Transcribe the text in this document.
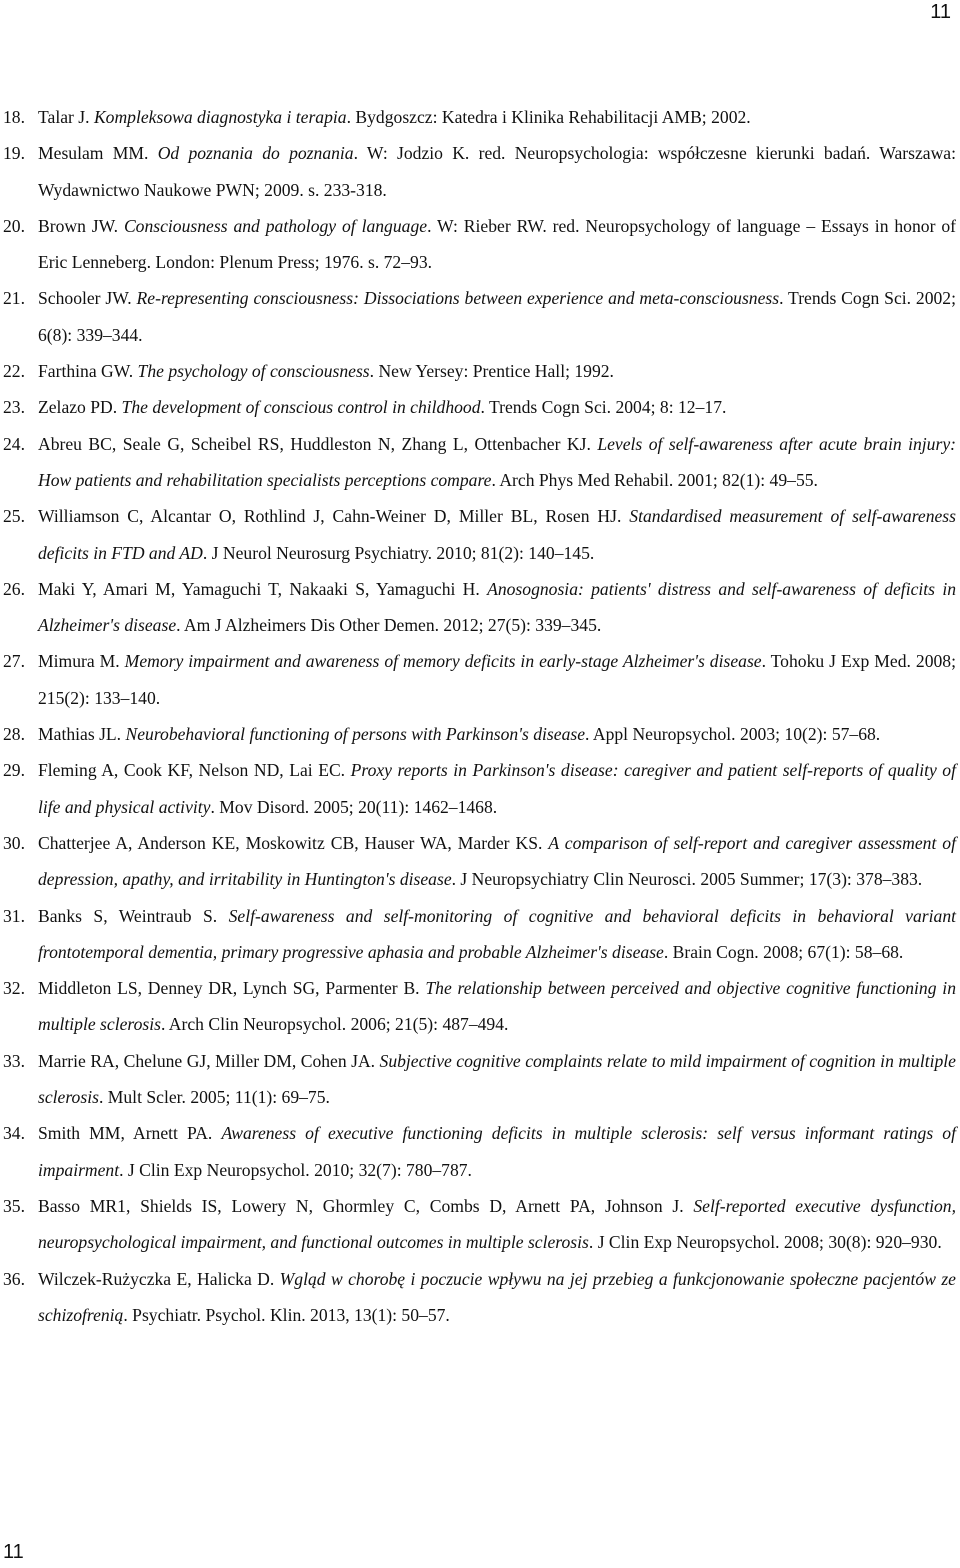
11
18. Talar J. Kompleksowa diagnostyka i terapia. Bydgoszcz: Katedra i Klinika Rehabilitacji AMB; 2002.
19. Mesulam MM. Od poznania do poznania. W: Jodzio K. red. Neuropsychologia: współczesne kierunki badań. Warszawa: Wydawnictwo Naukowe PWN; 2009. s. 233-318.
20. Brown JW. Consciousness and pathology of language. W: Rieber RW. red. Neuropsychology of language – Essays in honor of Eric Lenneberg. London: Plenum Press; 1976. s. 72–93.
21. Schooler JW. Re-representing consciousness: Dissociations between experience and meta-consciousness. Trends Cogn Sci. 2002; 6(8): 339–344.
22. Farthina GW. The psychology of consciousness. New Yersey: Prentice Hall; 1992.
23. Zelazo PD. The development of conscious control in childhood. Trends Cogn Sci. 2004; 8: 12–17.
24. Abreu BC, Seale G, Scheibel RS, Huddleston N, Zhang L, Ottenbacher KJ. Levels of self-awareness after acute brain injury: How patients and rehabilitation specialists perceptions compare. Arch Phys Med Rehabil. 2001; 82(1): 49–55.
25. Williamson C, Alcantar O, Rothlind J, Cahn-Weiner D, Miller BL, Rosen HJ. Standardised measurement of self-awareness deficits in FTD and AD. J Neurol Neurosurg Psychiatry. 2010; 81(2): 140–145.
26. Maki Y, Amari M, Yamaguchi T, Nakaaki S, Yamaguchi H. Anosognosia: patients' distress and self-awareness of deficits in Alzheimer's disease. Am J Alzheimers Dis Other Demen. 2012; 27(5): 339–345.
27. Mimura M. Memory impairment and awareness of memory deficits in early-stage Alzheimer's disease. Tohoku J Exp Med. 2008; 215(2): 133–140.
28. Mathias JL. Neurobehavioral functioning of persons with Parkinson's disease. Appl Neuropsychol. 2003; 10(2): 57–68.
29. Fleming A, Cook KF, Nelson ND, Lai EC. Proxy reports in Parkinson's disease: caregiver and patient self-reports of quality of life and physical activity. Mov Disord. 2005; 20(11): 1462–1468.
30. Chatterjee A, Anderson KE, Moskowitz CB, Hauser WA, Marder KS. A comparison of self-report and caregiver assessment of depression, apathy, and irritability in Huntington's disease. J Neuropsychiatry Clin Neurosci. 2005 Summer; 17(3): 378–383.
31. Banks S, Weintraub S. Self-awareness and self-monitoring of cognitive and behavioral deficits in behavioral variant frontotemporal dementia, primary progressive aphasia and probable Alzheimer's disease. Brain Cogn. 2008; 67(1): 58–68.
32. Middleton LS, Denney DR, Lynch SG, Parmenter B. The relationship between perceived and objective cognitive functioning in multiple sclerosis. Arch Clin Neuropsychol. 2006; 21(5): 487–494.
33. Marrie RA, Chelune GJ, Miller DM, Cohen JA. Subjective cognitive complaints relate to mild impairment of cognition in multiple sclerosis. Mult Scler. 2005; 11(1): 69–75.
34. Smith MM, Arnett PA. Awareness of executive functioning deficits in multiple sclerosis: self versus informant ratings of impairment. J Clin Exp Neuropsychol. 2010; 32(7): 780–787.
35. Basso MR1, Shields IS, Lowery N, Ghormley C, Combs D, Arnett PA, Johnson J. Self-reported executive dysfunction, neuropsychological impairment, and functional outcomes in multiple sclerosis. J Clin Exp Neuropsychol. 2008; 30(8): 920–930.
36. Wilczek-Rużyczka E, Halicka D. Wgląd w chorobę i poczucie wpływu na jej przebieg a funkcjonowanie społeczne pacjentów ze schizofrenią. Psychiatr. Psychol. Klin. 2013, 13(1): 50–57.
11
